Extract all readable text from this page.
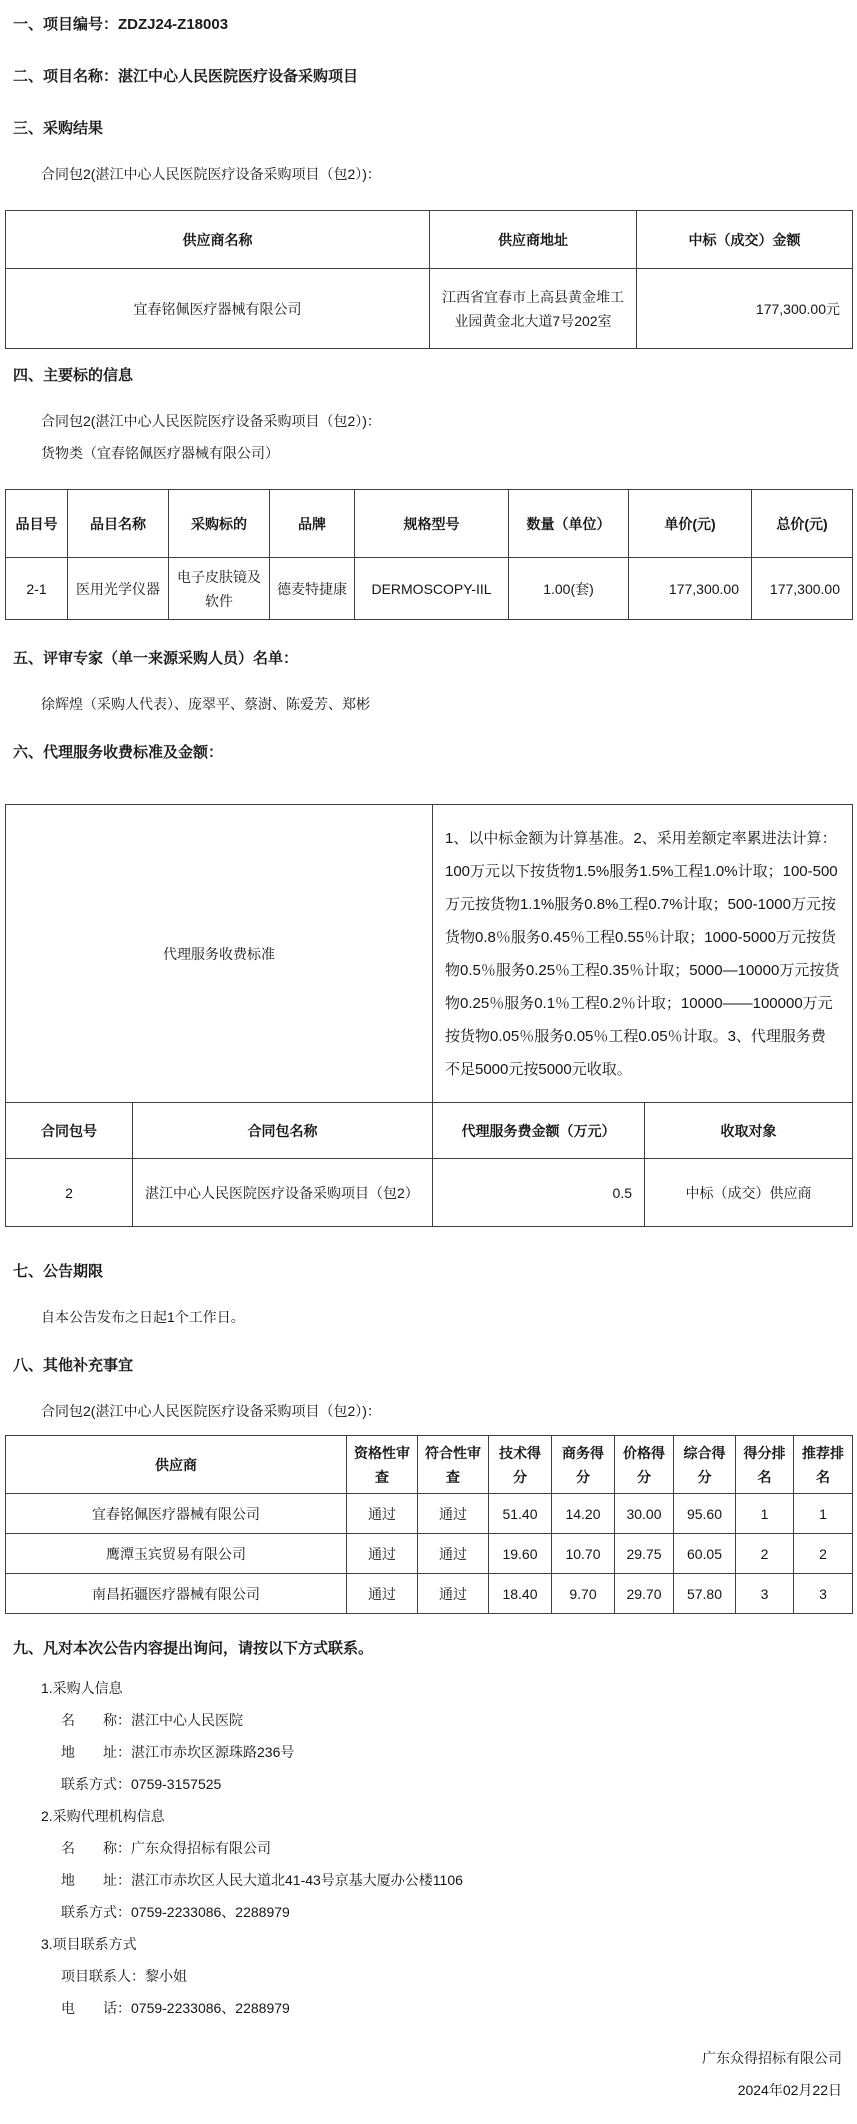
一、项目编号：ZDZJ24-Z18003

二、项目名称：湛江中心人民医院医疗设备采购项目

三、采购结果

合同包2(湛江中心人民医院医疗设备采购项目（包2）)：

供应商名称	供应商地址	中标（成交）金额
宜春铭佩医疗器械有限公司	江西省宜春市上高县黄金堆工业园黄金北大道7号202室	177,300.00元

四、主要标的信息

合同包2(湛江中心人民医院医疗设备采购项目（包2）)：

货物类（宜春铭佩医疗器械有限公司）

品目号	品目名称	采购标的	品牌	规格型号	数量（单位）	单价(元)	总价(元)
2-1	医用光学仪器	电子皮肤镜及软件	德麦特捷康	DERMOSCOPY-IIL	1.00(套)	177,300.00	177,300.00

五、评审专家（单一来源采购人员）名单：

徐辉煌（采购人代表）、庞翠平、蔡澍、陈爱芳、郑彬

六、代理服务收费标准及金额：

代理服务收费标准		1、以中标金额为计算基准。2、采用差额定率累进法计算：100万元以下按货物1.5%服务1.5%工程1.0%计取；100-500万元按货物1.1%服务0.8%工程0.7%计取；500-1000万元按货物0.8％服务0.45％工程0.55％计取；1000-5000万元按货物0.5％服务0.25％工程0.35％计取；5000—10000万元按货物0.25％服务0.1％工程0.2％计取；10000——100000万元按货物0.05％服务0.05％工程0.05％计取。3、代理服务费不足5000元按5000元收取。	
合同包号	合同包名称	代理服务费金额（万元）	收取对象
2	湛江中心人民医院医疗设备采购项目（包2）	0.5	中标（成交）供应商

七、公告期限

自本公告发布之日起1个工作日。

八、其他补充事宜

合同包2(湛江中心人民医院医疗设备采购项目（包2）)：

供应商	资格性审查	符合性审查	技术得分	商务得分	价格得分	综合得分	得分排名	推荐排名
宜春铭佩医疗器械有限公司	通过	通过	51.40	14.20	30.00	95.60	1	1
鹰潭玉宾贸易有限公司	通过	通过	19.60	10.70	29.75	60.05	2	2
南昌拓疆医疗器械有限公司	通过	通过	18.40	9.70	29.70	57.80	3	3

九、凡对本次公告内容提出询问，请按以下方式联系。

1.采购人信息

名　　称：湛江中心人民医院

地　　址：湛江市赤坎区源珠路236号

联系方式：0759-3157525

2.采购代理机构信息

名　　称：广东众得招标有限公司

地　　址：湛江市赤坎区人民大道北41-43号京基大厦办公楼1106

联系方式：0759-2233086、2288979

3.项目联系方式

项目联系人：黎小姐

电　　话：0759-2233086、2288979

广东众得招标有限公司

2024年02月22日
